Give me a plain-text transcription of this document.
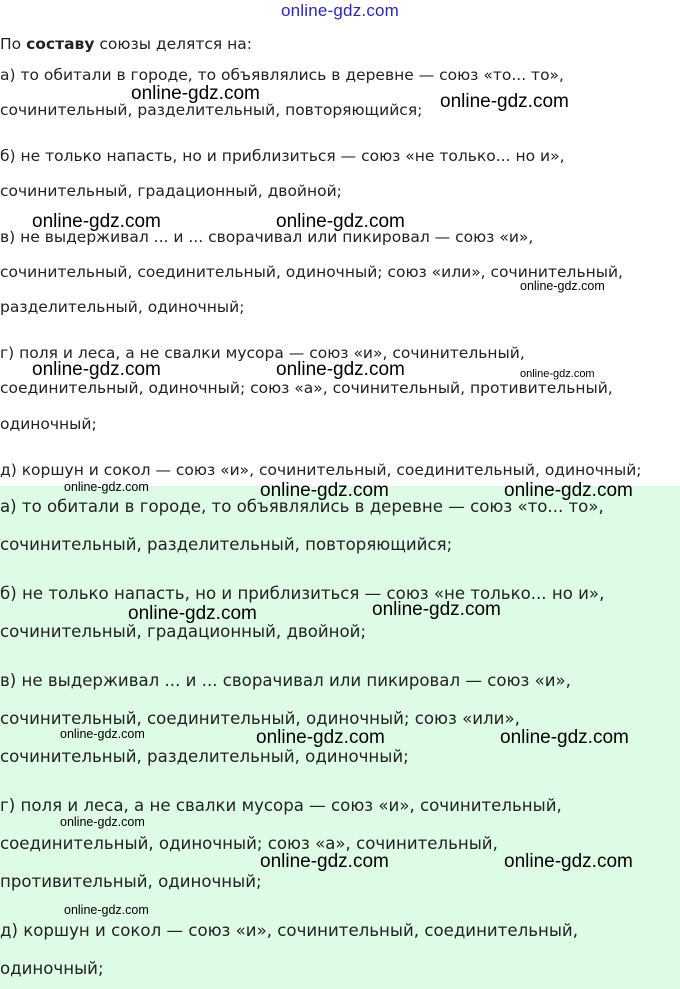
online-gdz.com
По составу союзы делятся на:
а) то обитали в городе, то объявлялись в деревне — союз «то... то»,
сочинительный, разделительный, повторяющийся;
б) не только напасть, но и приблизиться — союз «не только... но и»,
сочинительный, градационный, двойной;
в) не выдерживал ... и ... сворачивал или пикировал — союз «и»,
сочинительный, соединительный, одиночный; союз «или», сочинительный,
разделительный, одиночный;
г) поля и леса, а не свалки мусора — союз «и», сочинительный,
соединительный, одиночный; союз «а», сочинительный, противительный,
одиночный;
д) коршун и сокол — союз «и», сочинительный, соединительный, одиночный;
а) то обитали в городе, то объявлялись в деревне — союз «то... то»,
сочинительный, разделительный, повторяющийся;
б) не только напасть, но и приблизиться — союз «не только... но и»,
сочинительный, градационный, двойной;
в) не выдерживал ... и ... сворачивал или пикировал — союз «и»,
сочинительный, соединительный, одиночный; союз «или»,
сочинительный, разделительный, одиночный;
г) поля и леса, а не свалки мусора — союз «и», сочинительный,
соединительный, одиночный; союз «а», сочинительный,
противительный, одиночный;
д) коршун и сокол — союз «и», сочинительный, соединительный,
одиночный;
online-gdz.com	online-gdz.com
online-gdz.com	online-gdz.com
online-gdz.com
online-gdz.com	online-gdz.com	online-gdz.com
online-gdz.com	online-gdz.com	online-gdz.com
online-gdz.com	online-gdz.com
online-gdz.com	online-gdz.com	online-gdz.com
online-gdz.com
online-gdz.com	online-gdz.com
online-gdz.com
